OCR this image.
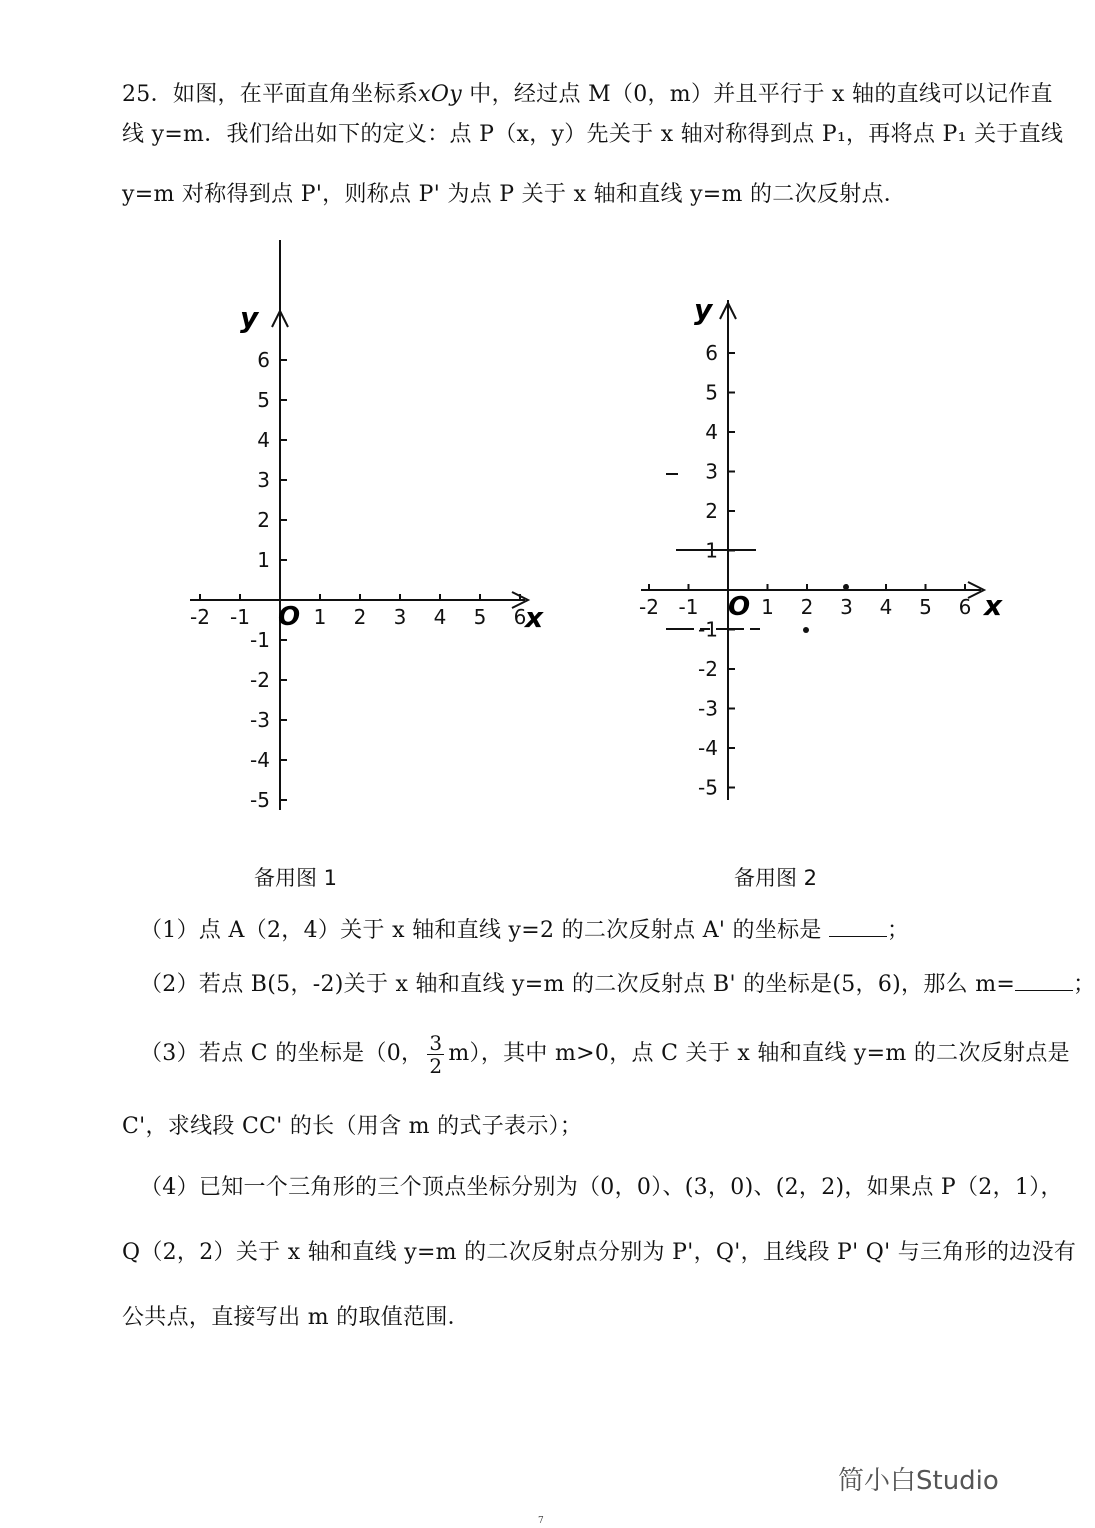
25．如图，在平面直角坐标系xOy 中，经过点 M（0，m）并且平行于 x 轴的直线可以记作直
线 y=m．我们给出如下的定义：点 P（x，y）先关于 x 轴对称得到点 P₁，再将点 P₁ 关于直线
y=m 对称得到点 P'，则称点 P' 为点 P 关于 x 轴和直线 y=m 的二次反射点．
-2 -1	1 2 3 4 5 6
6
5
4
3
2
1
-1
-2
-3
-4
-5
y
x
O
备用图 1
-2 -1	1 2 3 4 5 6
6
5
4
3
2
1
-1
-2
-3
-4
-5
y
x
O
备用图 2
（1）点 A（2，4）关于 x 轴和直线 y=2 的二次反射点 A' 的坐标是	；
（2）若点 B(5，-2)关于 x 轴和直线 y=m 的二次反射点 B' 的坐标是(5，6)，那么 m=	；
（3）若点 C 的坐标是（0， $\frac{3}{2} m$），其中 m>0，点 C 关于 x 轴和直线 y=m 的二次反射点是
C'，求线段 CC' 的长（用含 m 的式子表示）；
（4）已知一个三角形的三个顶点坐标分别为（0，0）、(3，0)、(2，2)，如果点 P（2，1），
Q（2，2）关于 x 轴和直线 y=m 的二次反射点分别为 P'，Q'，且线段 P' Q' 与三角形的边没有
公共点，直接写出 m 的取值范围．
简小白Studio
7
